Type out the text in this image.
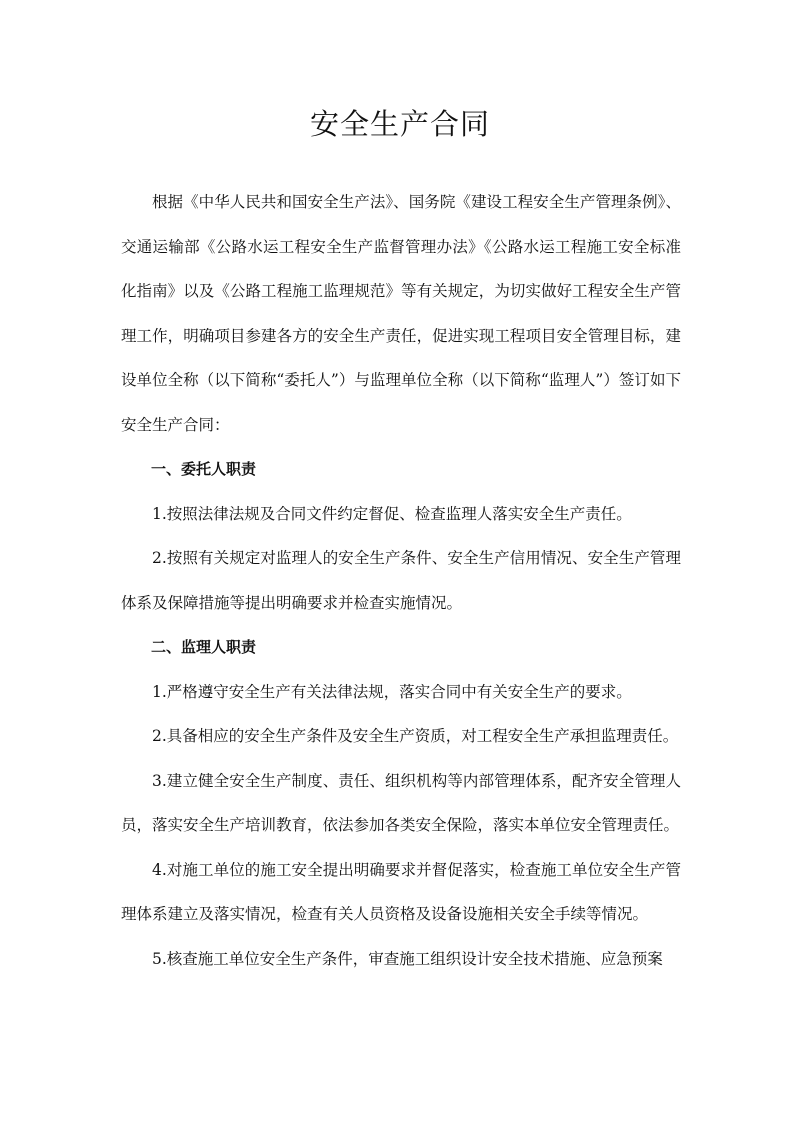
安全生产合同

根据《中华人民共和国安全生产法》、国务院《建设工程安全生产管理条例》、交通运输部《公路水运工程安全生产监督管理办法》《公路水运工程施工安全标准化指南》以及《公路工程施工监理规范》等有关规定，为切实做好工程安全生产管理工作，明确项目参建各方的安全生产责任，促进实现工程项目安全管理目标，建设单位全称（以下简称“委托人”）与监理单位全称（以下简称“监理人”）签订如下安全生产合同：

一、委托人职责

1.按照法律法规及合同文件约定督促、检查监理人落实安全生产责任。

2.按照有关规定对监理人的安全生产条件、安全生产信用情况、安全生产管理体系及保障措施等提出明确要求并检查实施情况。

二、监理人职责

1.严格遵守安全生产有关法律法规，落实合同中有关安全生产的要求。

2.具备相应的安全生产条件及安全生产资质，对工程安全生产承担监理责任。

3.建立健全安全生产制度、责任、组织机构等内部管理体系，配齐安全管理人员，落实安全生产培训教育，依法参加各类安全保险，落实本单位安全管理责任。

4.对施工单位的施工安全提出明确要求并督促落实，检查施工单位安全生产管理体系建立及落实情况，检查有关人员资格及设备设施相关安全手续等情况。

5.核查施工单位安全生产条件，审查施工组织设计安全技术措施、应急预案
